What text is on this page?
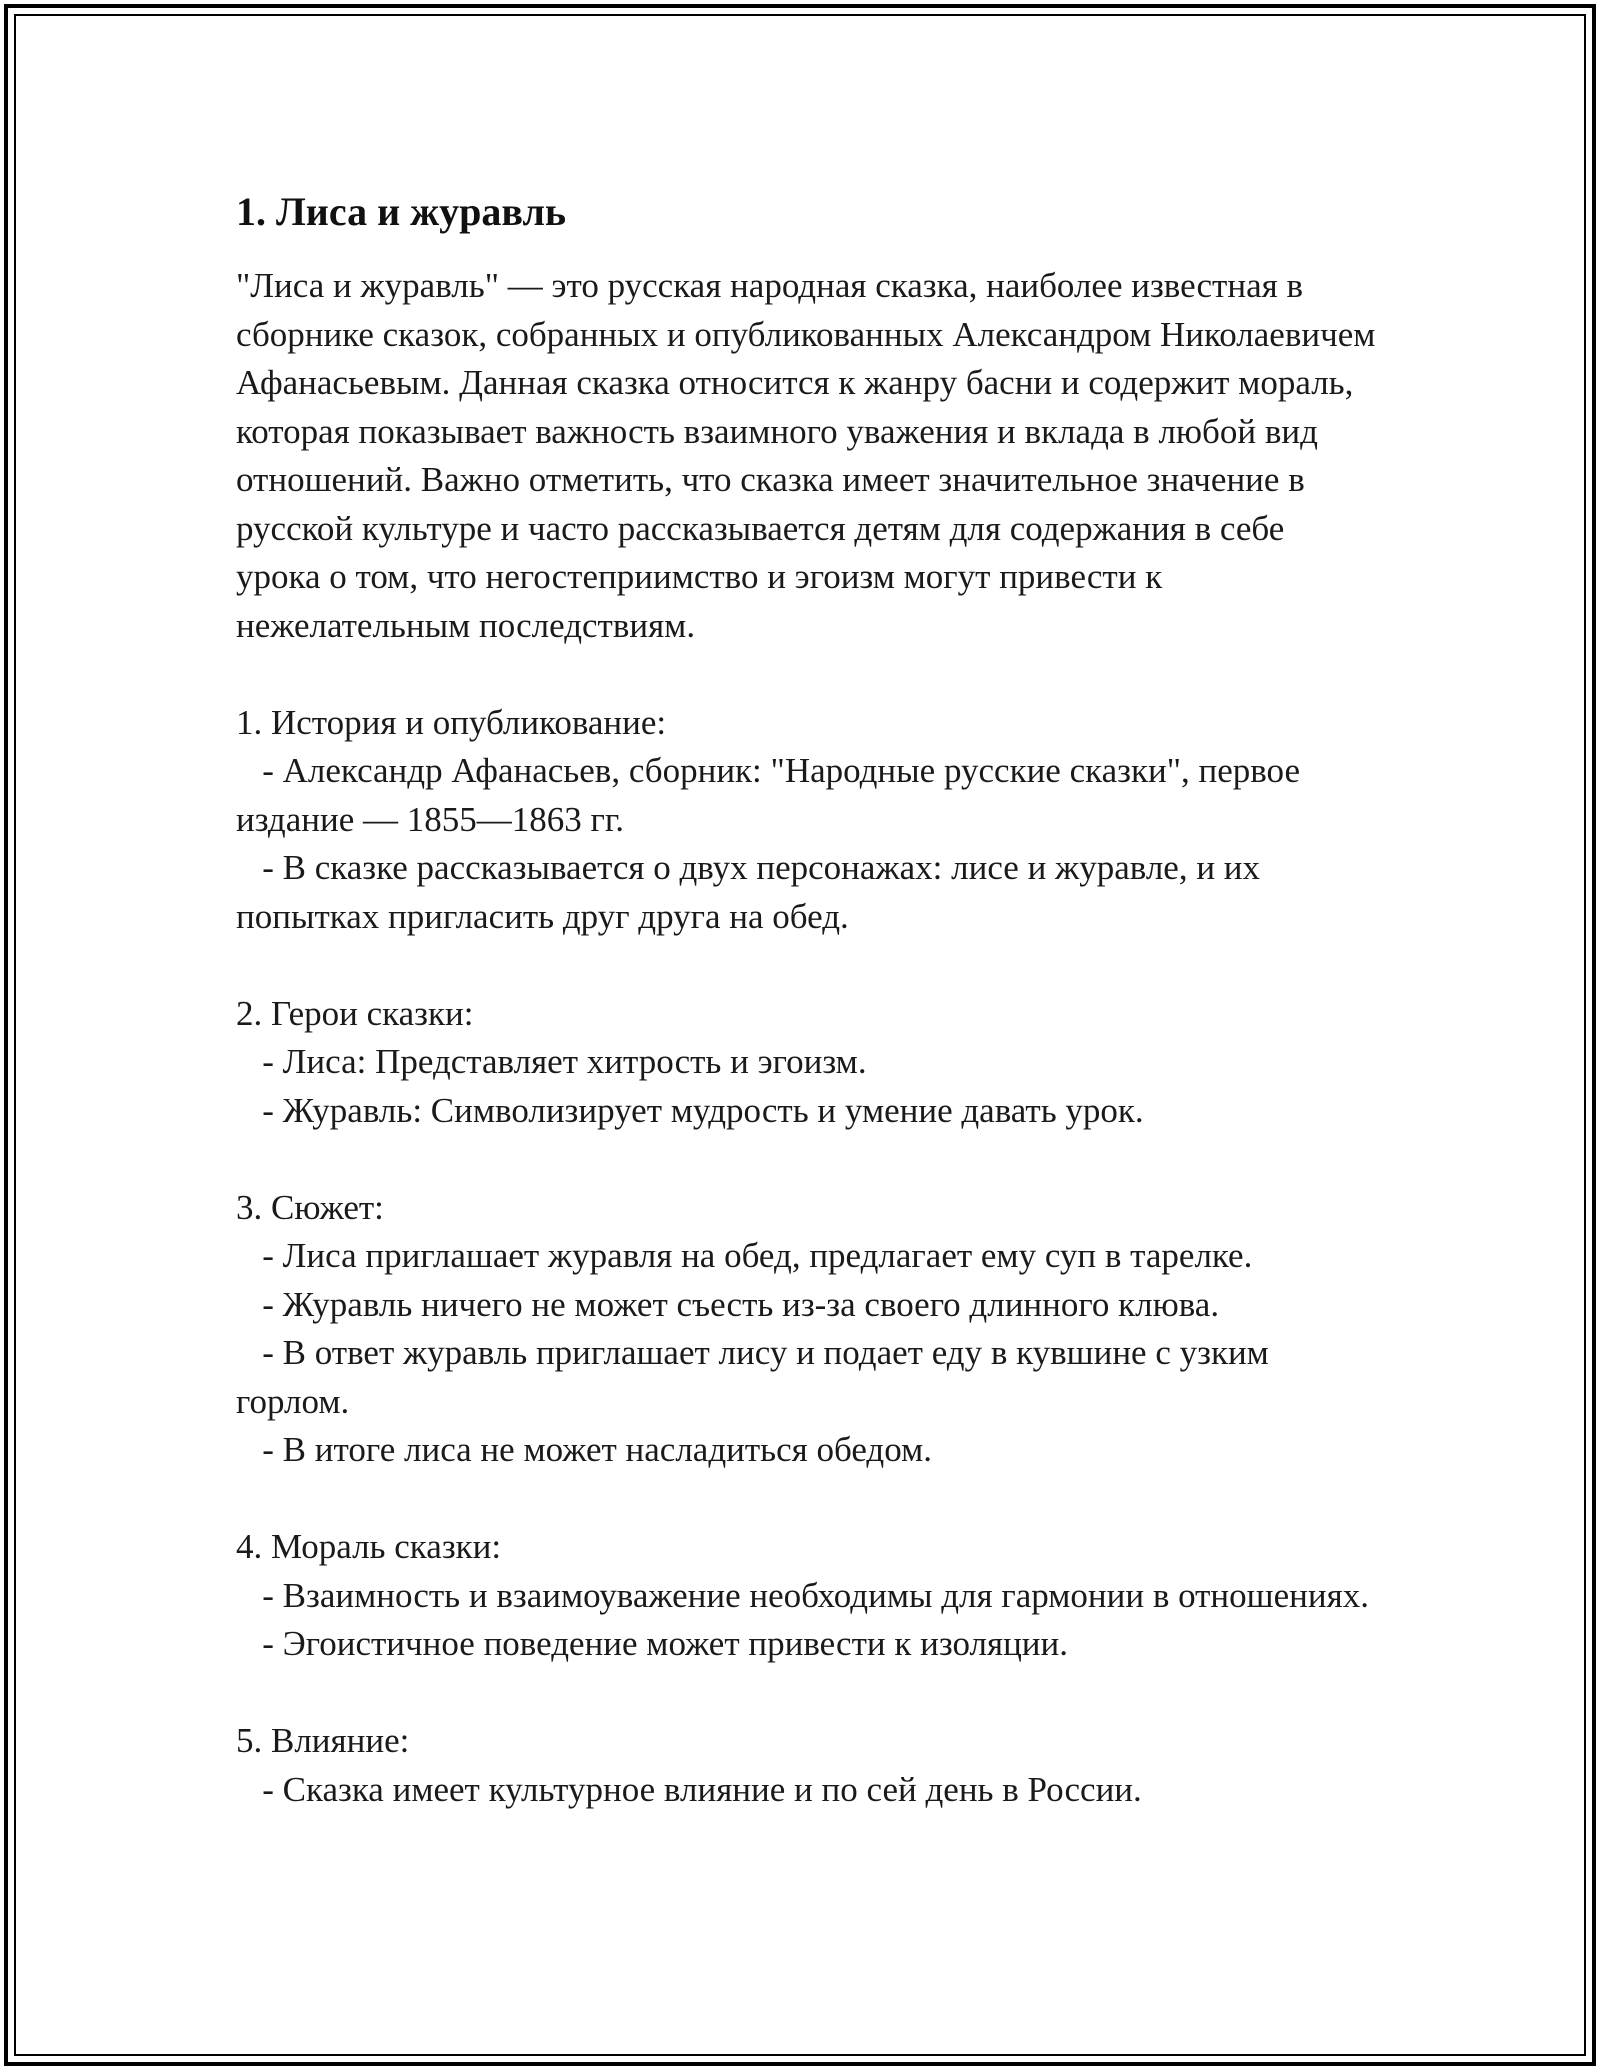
1. Лиса и журавль

"Лиса и журавль" — это русская народная сказка, наиболее известная в сборнике сказок, собранных и опубликованных Александром Николаевичем Афанасьевым. Данная сказка относится к жанру басни и содержит мораль, которая показывает важность взаимного уважения и вклада в любой вид отношений. Важно отметить, что сказка имеет значительное значение в русской культуре и часто рассказывается детям для содержания в себе урока о том, что негостеприимство и эгоизм могут привести к нежелательным последствиям.

1. История и опубликование:

- Александр Афанасьев, сборник: "Народные русские сказки", первое издание — 1855—1863 гг.

- В сказке рассказывается о двух персонажах: лисе и журавле, и их попытках пригласить друг друга на обед.

2. Герои сказки:

- Лиса: Представляет хитрость и эгоизм.

- Журавль: Символизирует мудрость и умение давать урок.

3. Сюжет:

- Лиса приглашает журавля на обед, предлагает ему суп в тарелке.

- Журавль ничего не может съесть из-за своего длинного клюва.

- В ответ журавль приглашает лису и подает еду в кувшине с узким горлом.

- В итоге лиса не может насладиться обедом.

4. Мораль сказки:

- Взаимность и взаимоуважение необходимы для гармонии в отношениях.

- Эгоистичное поведение может привести к изоляции.

5. Влияние:

- Сказка имеет культурное влияние и по сей день в России.
